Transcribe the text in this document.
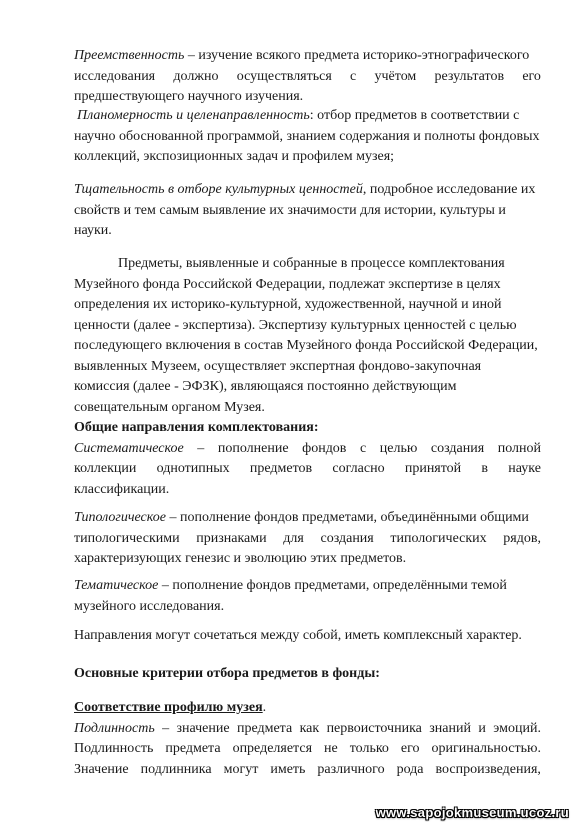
Преемственность – изучение всякого предмета историко-этнографического
исследования должно осуществляться с учётом результатов его
предшествующего научного изучения.
Планомерность и целенаправленность: отбор предметов в соответствии с
научно обоснованной программой, знанием содержания и полноты фондовых
коллекций, экспозиционных задач и профилем музея;
Тщательность в отборе культурных ценностей, подробное исследование их
свойств и тем самым выявление их значимости для истории, культуры и
науки.
Предметы, выявленные и собранные в процессе комплектования
Музейного фонда Российской Федерации, подлежат экспертизе в целях
определения их историко-культурной, художественной, научной и иной
ценности (далее - экспертиза). Экспертизу культурных ценностей с целью
последующего включения в состав Музейного фонда Российской Федерации,
выявленных Музеем, осуществляет экспертная фондово-закупочная
комиссия (далее - ЭФЗК), являющаяся постоянно действующим
совещательным органом Музея.
Общие направления комплектования:
Систематическое – пополнение фондов с целью создания полной
коллекции однотипных предметов согласно принятой в науке
классификации.
Типологическое – пополнение фондов предметами, объединёнными общими
типологическими признаками для создания типологических рядов,
характеризующих генезис и эволюцию этих предметов.
Тематическое – пополнение фондов предметами, определёнными темой
музейного исследования.
Направления могут сочетаться между собой, иметь комплексный характер.
Основные критерии отбора предметов в фонды:
Соответствие профилю музея.
Подлинность – значение предмета как первоисточника знаний и эмоций.
Подлинность предмета определяется не только его оригинальностью.
Значение подлинника могут иметь различного рода воспроизведения,
www.sapojokmuseum.ucoz.ru
